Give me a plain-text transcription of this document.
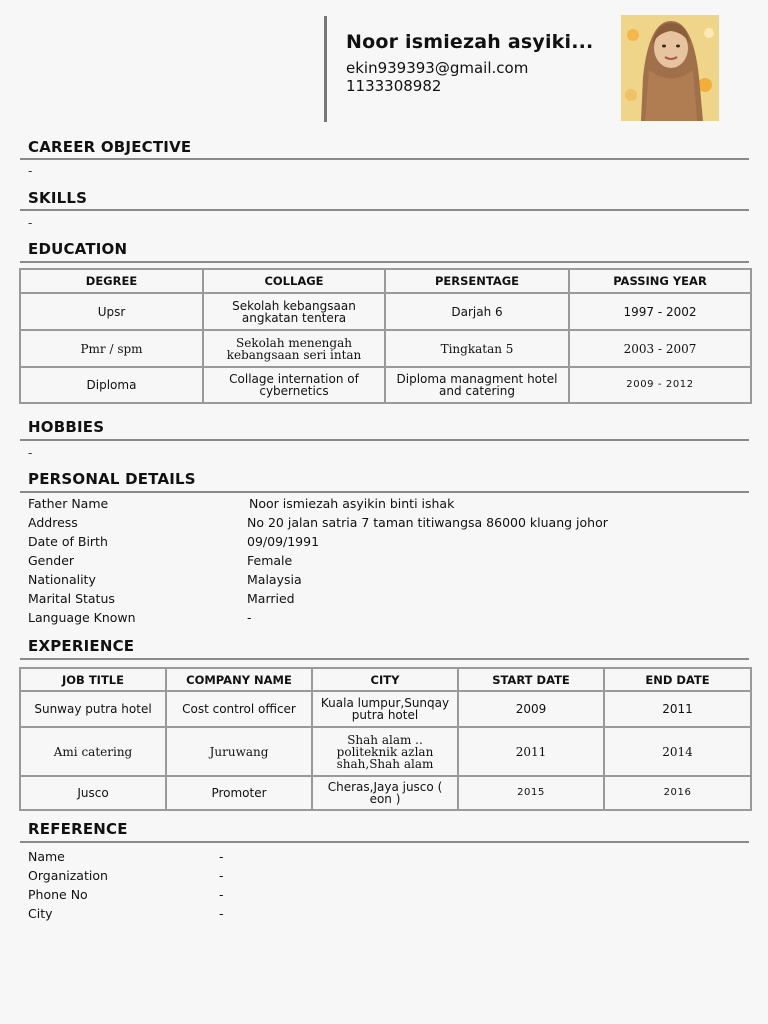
Noor ismiezah asyiki...
ekin939393@gmail.com
1133308982
CAREER OBJECTIVE
-
SKILLS
-
EDUCATION
DEGREE	COLLAGE	PERSENTAGE	PASSING YEAR
Upsr	Sekolah kebangsaan angkatan tentera	Darjah 6	1997 - 2002
Pmr / spm	Sekolah menengah kebangsaan seri intan	Tingkatan 5	2003 - 2007
Diploma	Collage internation of cybernetics	Diploma managment hotel and catering	2009 - 2012
HOBBIES
-
PERSONAL DETAILS
Father Name	Noor ismiezah asyikin binti ishak
Address	No 20 jalan satria 7 taman titiwangsa 86000 kluang johor
Date of Birth	09/09/1991
Gender	Female
Nationality	Malaysia
Marital Status	Married
Language Known	-
EXPERIENCE
JOB TITLE	COMPANY NAME	CITY	START DATE	END DATE
Sunway putra hotel	Cost control officer	Kuala lumpur,Sunqay putra hotel	2009	2011
Ami catering	Juruwang	Shah alam .. politeknik azlan shah,Shah alam	2011	2014
Jusco	Promoter	Cheras,Jaya jusco ( eon )	2015	2016
REFERENCE
Name	-
Organization	-
Phone No	-
City	-
